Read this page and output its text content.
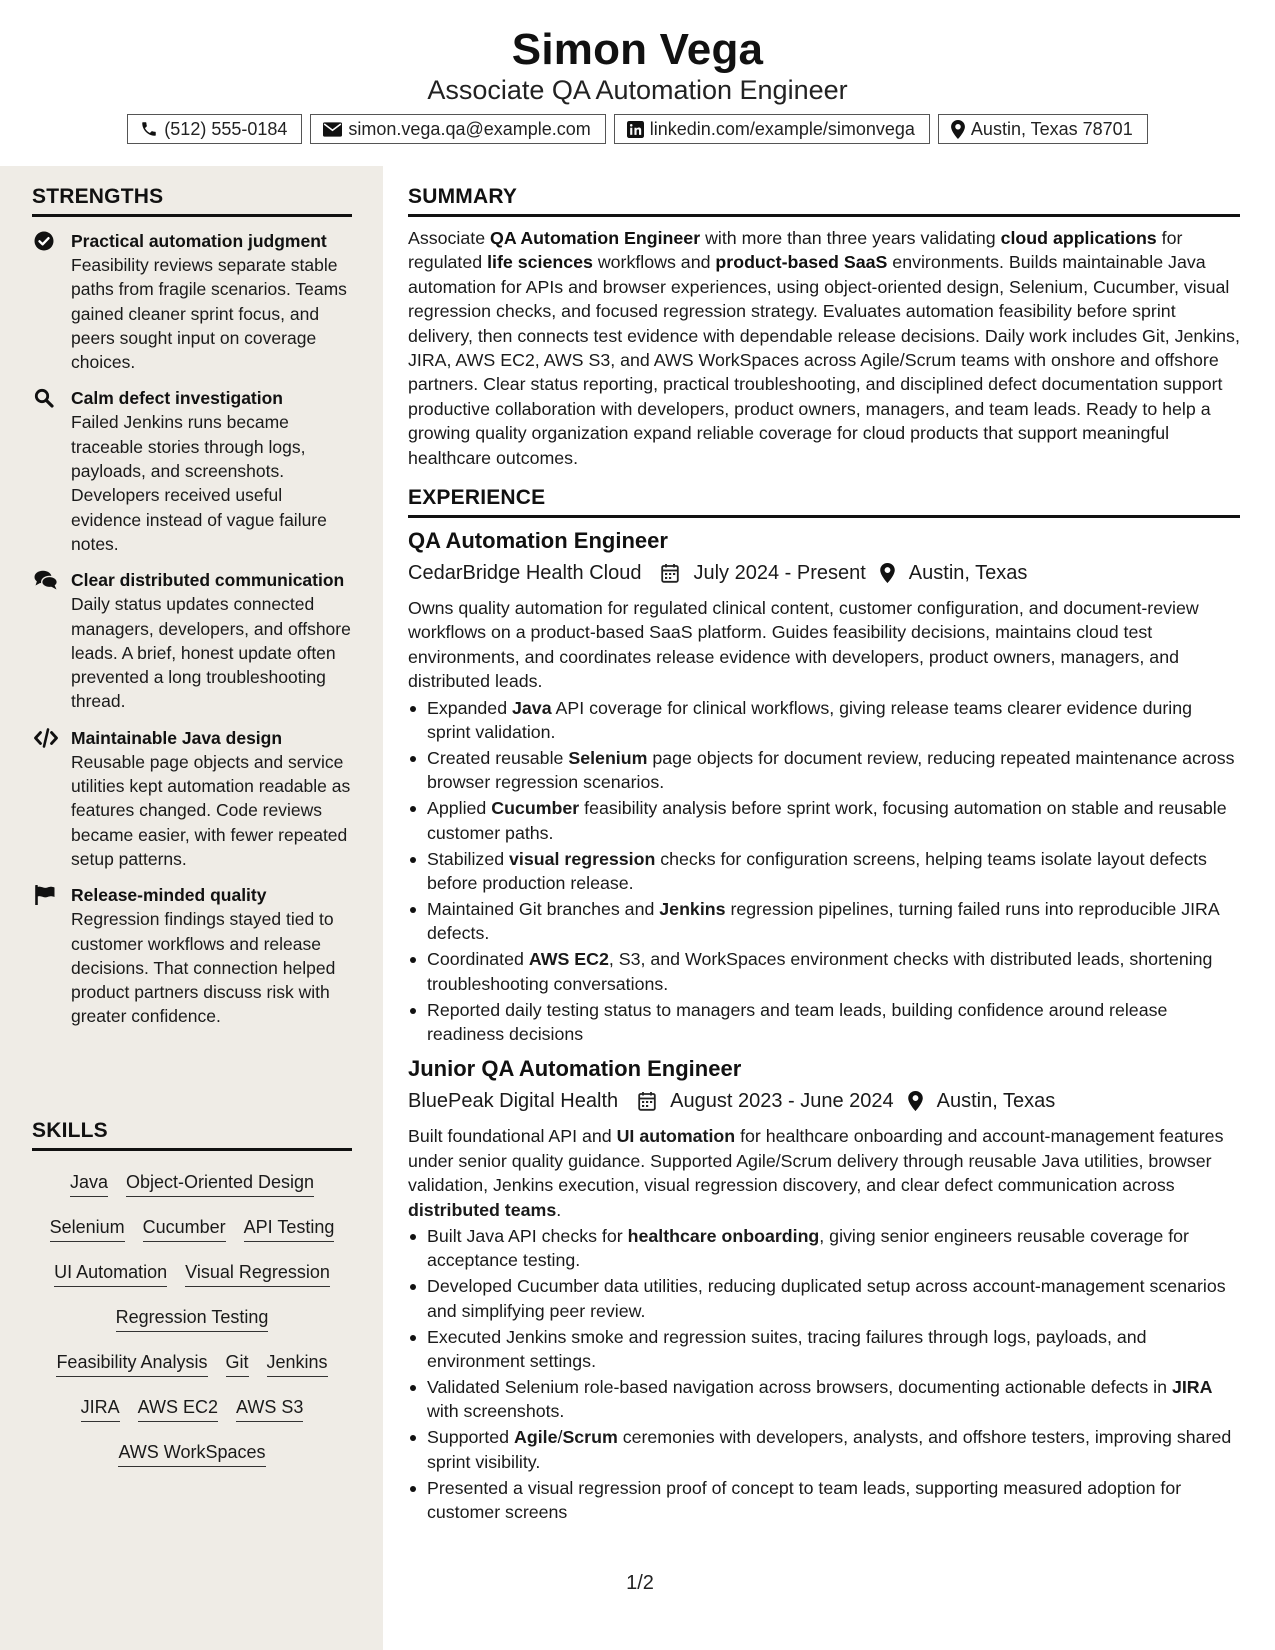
Simon Vega
Associate QA Automation Engineer
(512) 555-0184	simon.vega.qa@example.com	linkedin.com/example/simonvega	Austin, Texas 78701
STRENGTHS
Practical automation judgment
Feasibility reviews separate stable paths from fragile scenarios. Teams gained cleaner sprint focus, and peers sought input on coverage choices.
Calm defect investigation
Failed Jenkins runs became traceable stories through logs, payloads, and screenshots. Developers received useful evidence instead of vague failure notes.
Clear distributed communication
Daily status updates connected managers, developers, and offshore leads. A brief, honest update often prevented a long troubleshooting thread.
Maintainable Java design
Reusable page objects and service utilities kept automation readable as features changed. Code reviews became easier, with fewer repeated setup patterns.
Release-minded quality
Regression findings stayed tied to customer workflows and release decisions. That connection helped product partners discuss risk with greater confidence.
SKILLS
Java Object-Oriented Design
Selenium Cucumber API Testing
UI Automation Visual Regression
Regression Testing
Feasibility Analysis Git Jenkins
JIRA AWS EC2 AWS S3
AWS WorkSpaces
SUMMARY

Associate QA Automation Engineer with more than three years validating cloud applications for regulated life sciences workflows and product-based SaaS environments. Builds maintainable Java automation for APIs and browser experiences, using object-oriented design, Selenium, Cucumber, visual regression checks, and focused regression strategy. Evaluates automation feasibility before sprint delivery, then connects test evidence with dependable release decisions. Daily work includes Git, Jenkins, JIRA, AWS EC2, AWS S3, and AWS WorkSpaces across Agile/Scrum teams with onshore and offshore partners. Clear status reporting, practical troubleshooting, and disciplined defect documentation support productive collaboration with developers, product owners, managers, and team leads. Ready to help a growing quality organization expand reliable coverage for cloud products that support meaningful healthcare outcomes.

EXPERIENCE
QA Automation Engineer
CedarBridge Health Cloud	July 2024 - Present Austin, Texas

Owns quality automation for regulated clinical content, customer configuration, and document-review workflows on a product-based SaaS platform. Guides feasibility decisions, maintains cloud test environments, and coordinates release evidence with developers, product owners, managers, and distributed leads.

Expanded Java API coverage for clinical workflows, giving release teams clearer evidence during sprint validation.
Created reusable Selenium page objects for document review, reducing repeated maintenance across browser regression scenarios.
Applied Cucumber feasibility analysis before sprint work, focusing automation on stable and reusable customer paths.
Stabilized visual regression checks for configuration screens, helping teams isolate layout defects before production release.
Maintained Git branches and Jenkins regression pipelines, turning failed runs into reproducible JIRA defects.
Coordinated AWS EC2, S3, and WorkSpaces environment checks with distributed leads, shortening troubleshooting conversations.
Reported daily testing status to managers and team leads, building confidence around release readiness decisions
Junior QA Automation Engineer
BluePeak Digital Health	August 2023 - June 2024 Austin, Texas

Built foundational API and UI automation for healthcare onboarding and account-management features under senior quality guidance. Supported Agile/Scrum delivery through reusable Java utilities, browser validation, Jenkins execution, visual regression discovery, and clear defect communication across distributed teams.

Built Java API checks for healthcare onboarding, giving senior engineers reusable coverage for acceptance testing.
Developed Cucumber data utilities, reducing duplicated setup across account-management scenarios and simplifying peer review.
Executed Jenkins smoke and regression suites, tracing failures through logs, payloads, and environment settings.
Validated Selenium role-based navigation across browsers, documenting actionable defects in JIRA with screenshots.
Supported Agile/Scrum ceremonies with developers, analysts, and offshore testers, improving shared sprint visibility.
Presented a visual regression proof of concept to team leads, supporting measured adoption for customer screens
1/2
